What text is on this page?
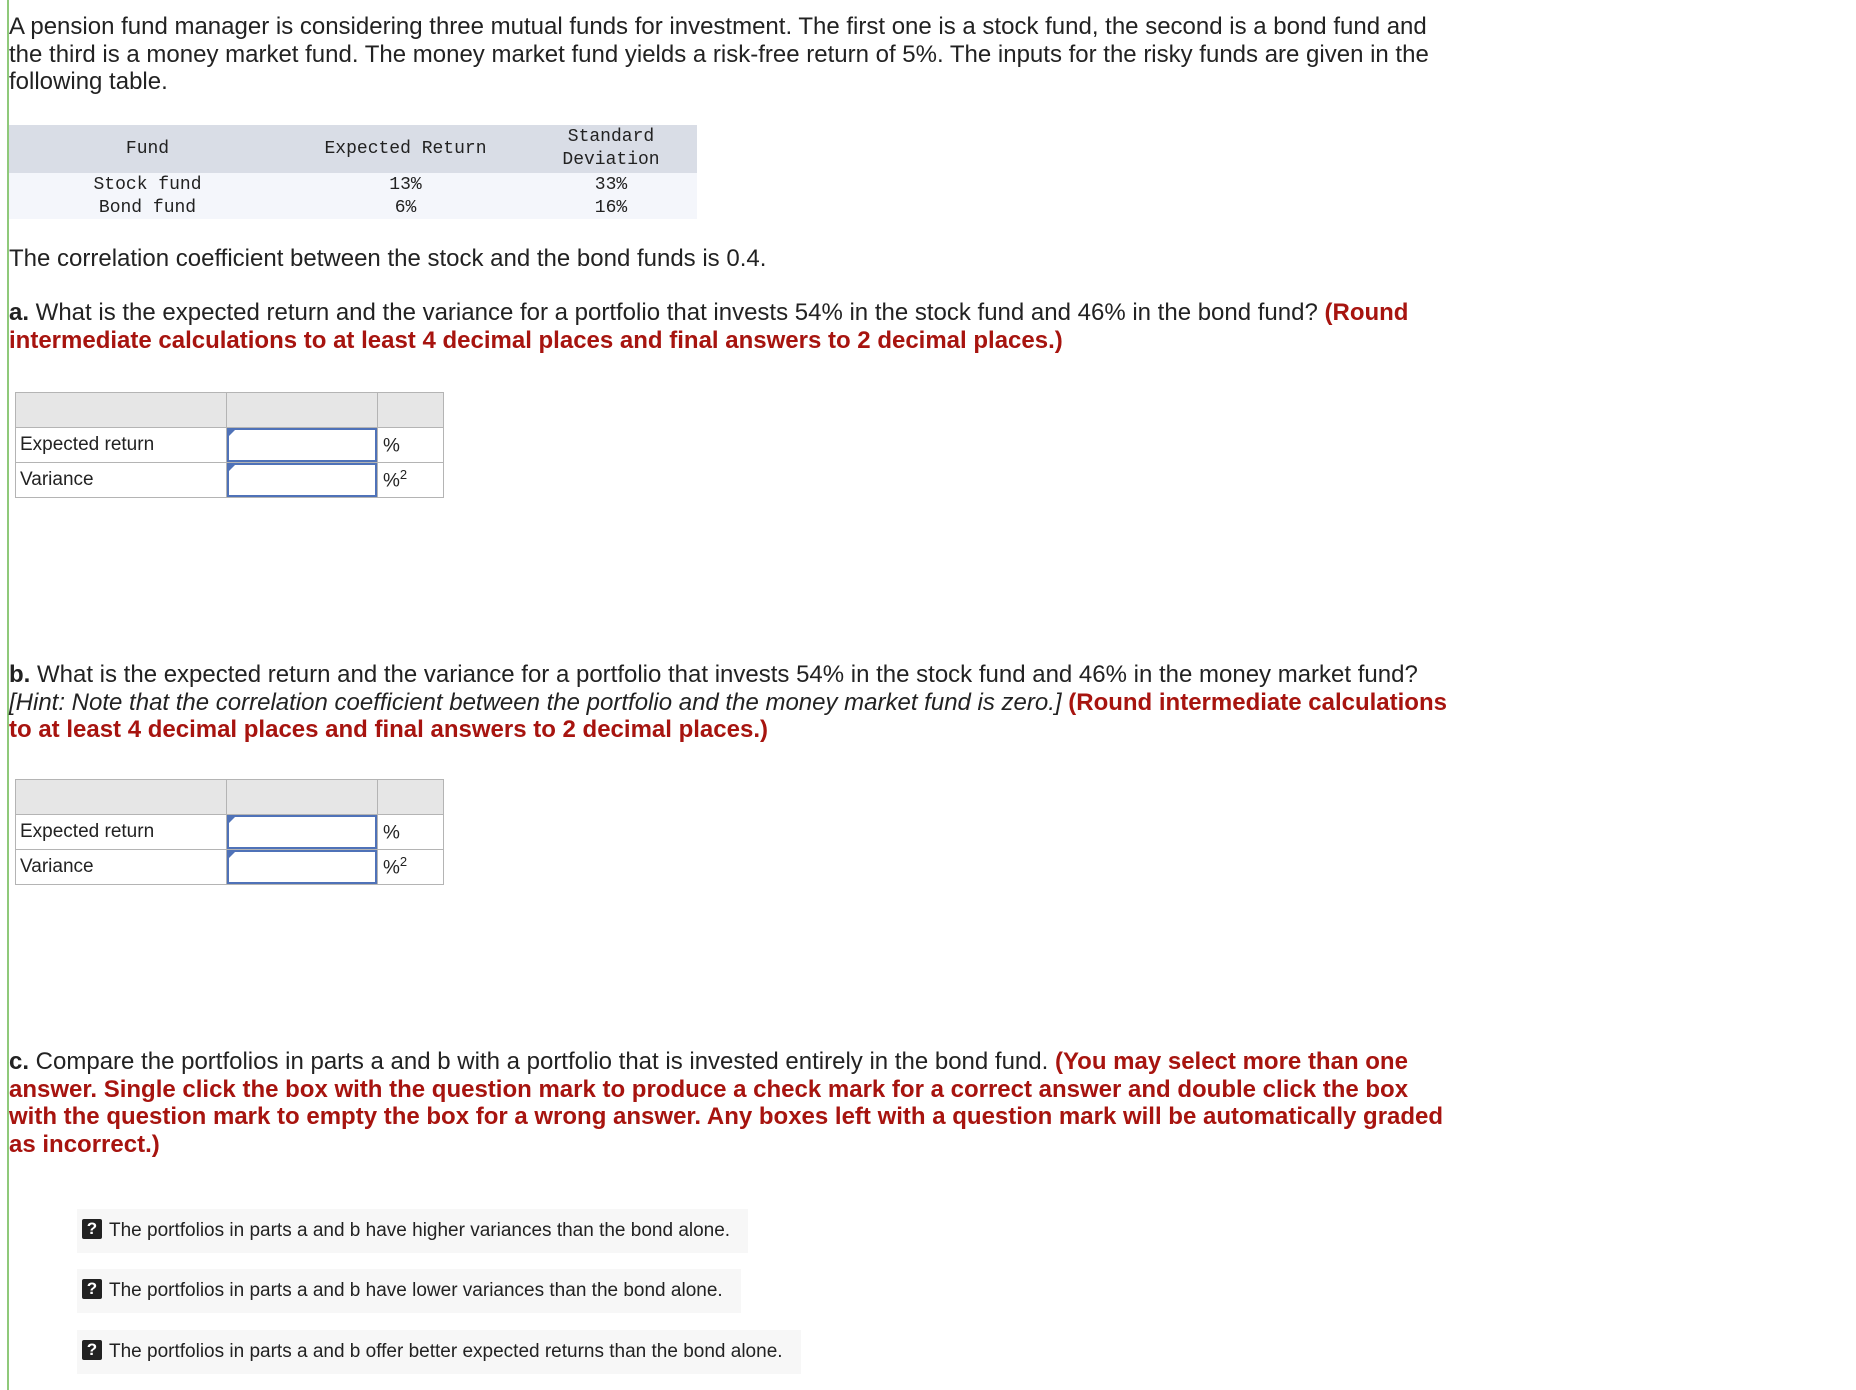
A pension fund manager is considering three mutual funds for investment. The first one is a stock fund, the second is a bond fund and the third is a money market fund. The money market fund yields a risk-free return of 5%. The inputs for the risky funds are given in the following table.
Fund	Expected Return	Standard
Deviation
Stock fund	13%	33%
Bond fund	6%	16%
The correlation coefficient between the stock and the bond funds is 0.4.
a. What is the expected return and the variance for a portfolio that invests 54% in the stock fund and 46% in the bond fund? (Round intermediate calculations to at least 4 decimal places and final answers to 2 decimal places.)

Expected return		%
Variance		%$^2$
b. What is the expected return and the variance for a portfolio that invests 54% in the stock fund and 46% in the money market fund? [Hint: Note that the correlation coefficient between the portfolio and the money market fund is zero.] (Round intermediate calculations to at least 4 decimal places and final answers to 2 decimal places.)

Expected return		%
Variance		%$^2$
c. Compare the portfolios in parts a and b with a portfolio that is invested entirely in the bond fund. (You may select more than one answer. Single click the box with the question mark to produce a check mark for a correct answer and double click the box with the question mark to empty the box for a wrong answer. Any boxes left with a question mark will be automatically graded as incorrect.)
? The portfolios in parts a and b have higher variances than the bond alone.
? The portfolios in parts a and b have lower variances than the bond alone.
? The portfolios in parts a and b offer better expected returns than the bond alone.
